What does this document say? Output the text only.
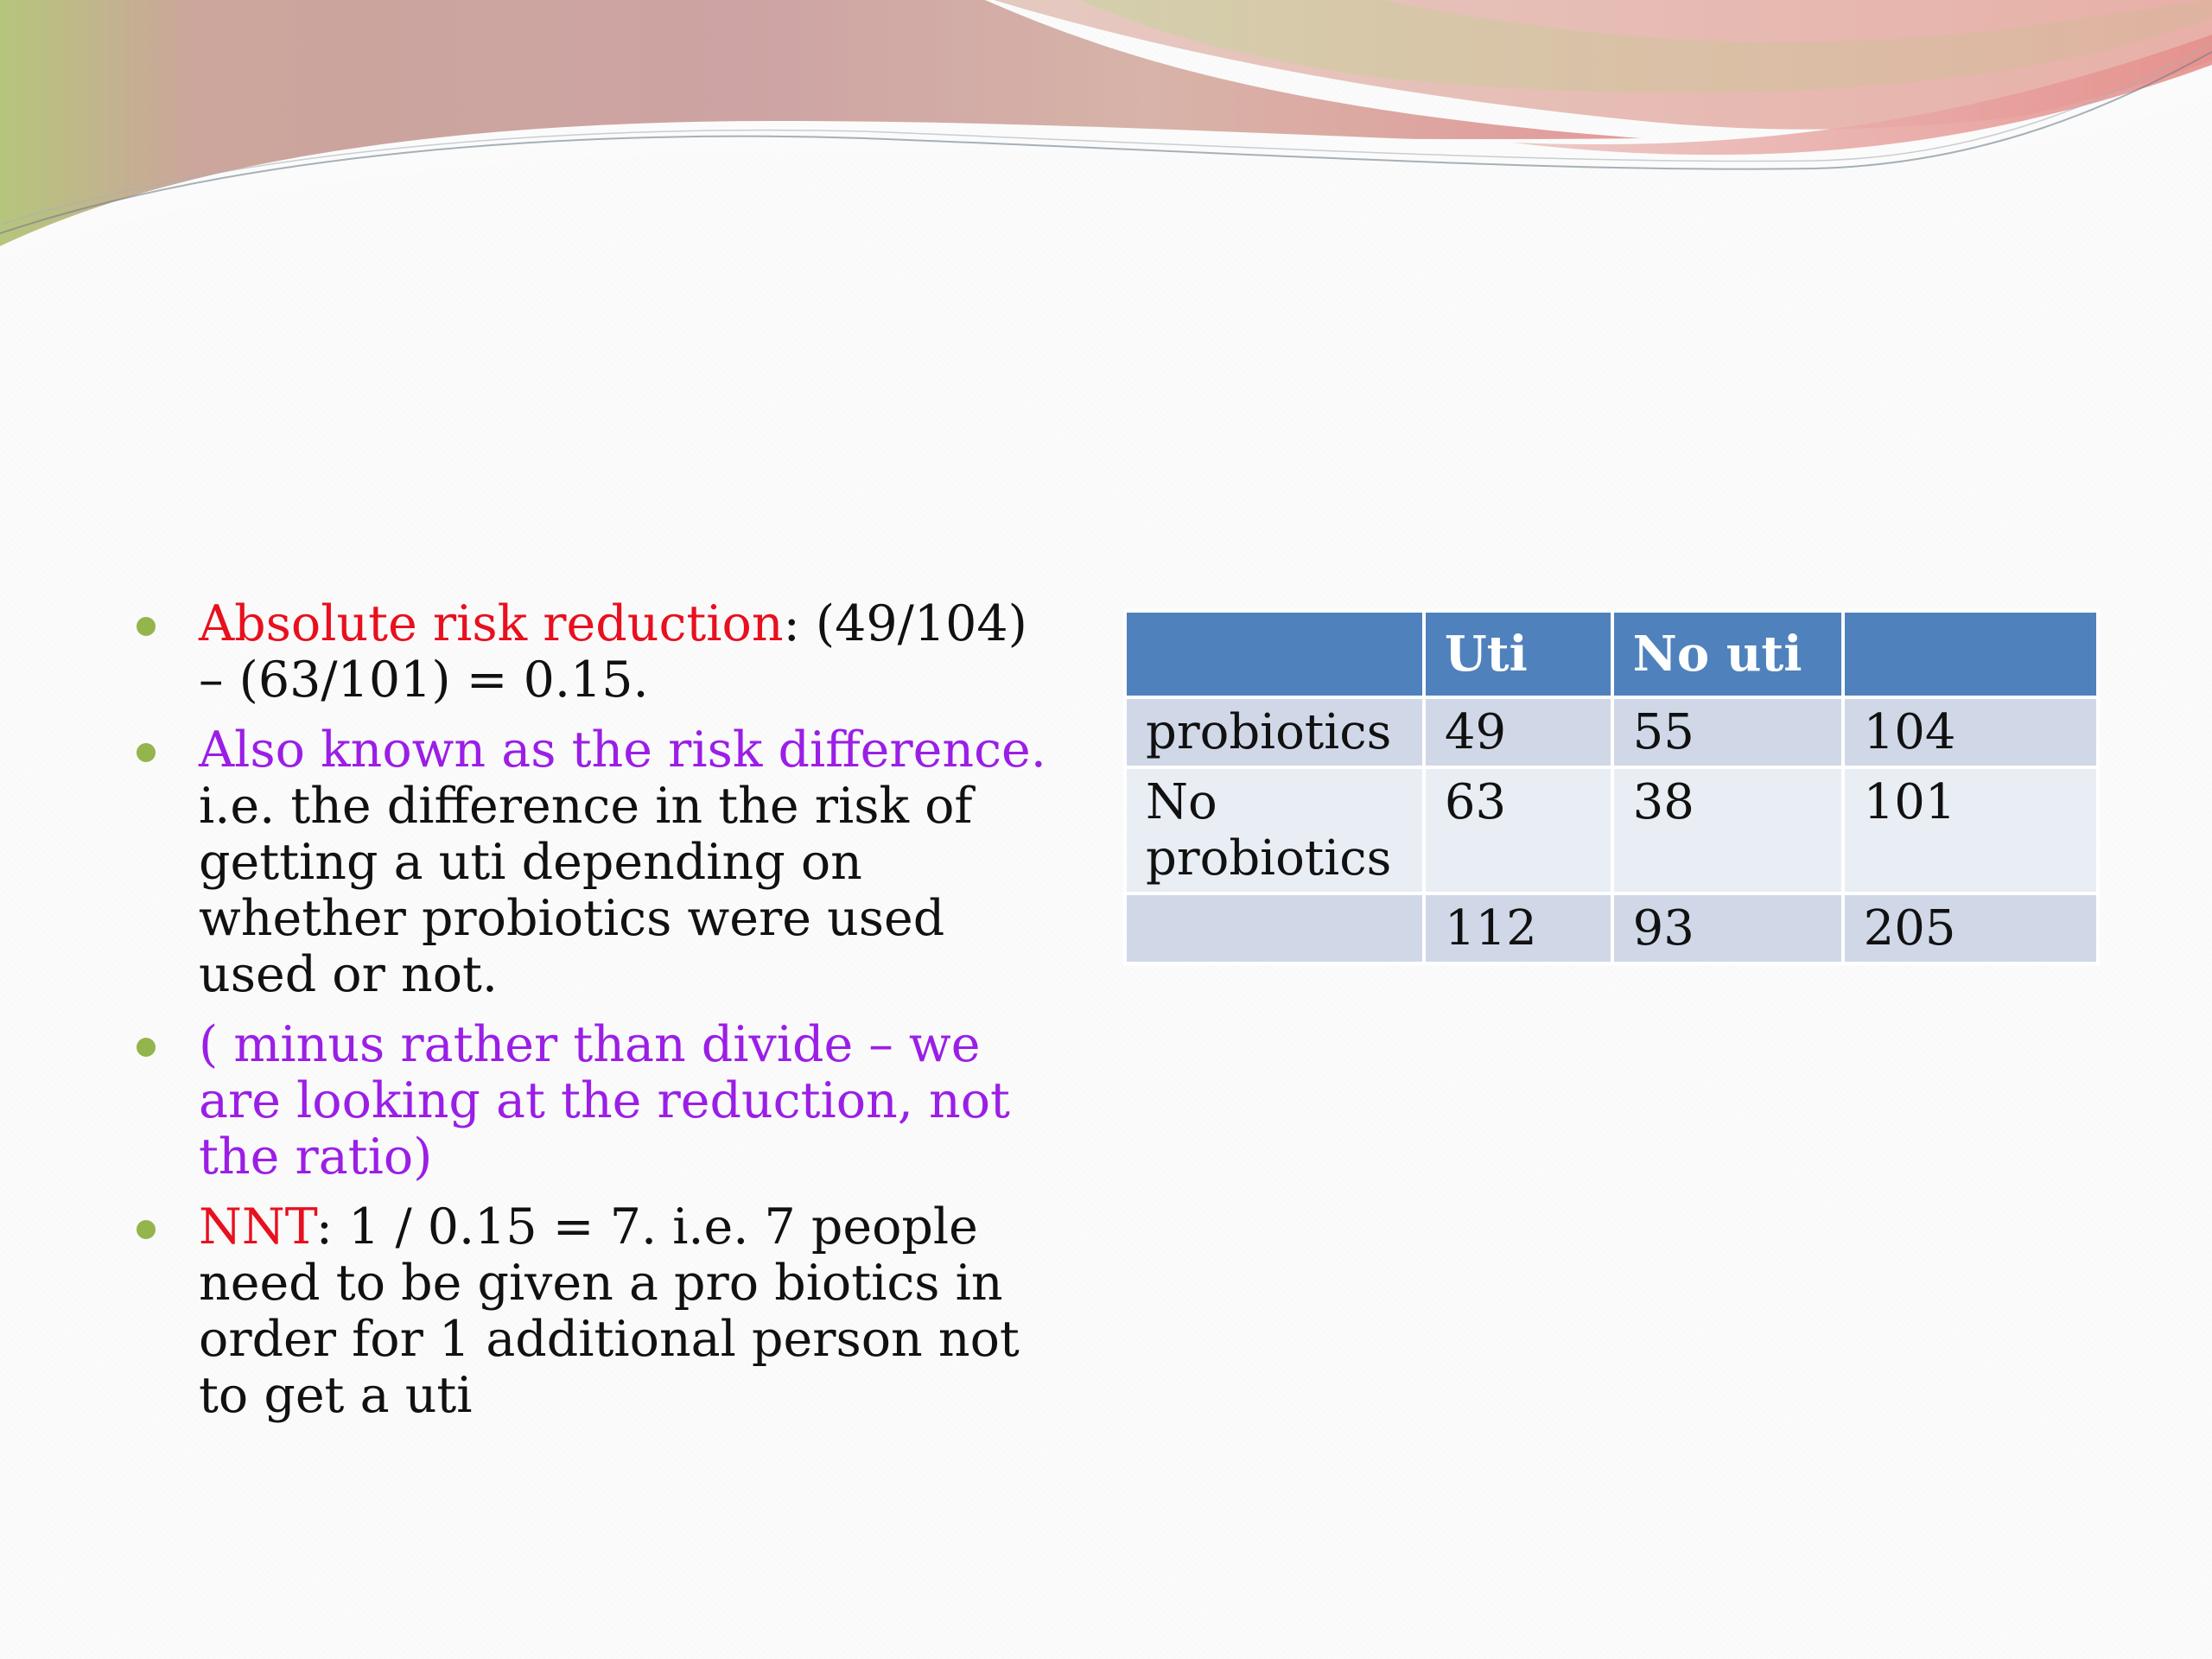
Absolute risk reduction: (49/104) – (63/101) = 0.15.
Also known as the risk difference. i.e. the difference in the risk of getting a uti depending on whether probiotics were used used or not.
( minus rather than divide – we are looking at the reduction, not the ratio)
NNT: 1 / 0.15 = 7. i.e. 7 people need to be given a pro biotics in order for 1 additional person not to get a uti
	Uti	No uti	
probiotics	49	55	104
No probiotics	63	38	101
	112	93	205
